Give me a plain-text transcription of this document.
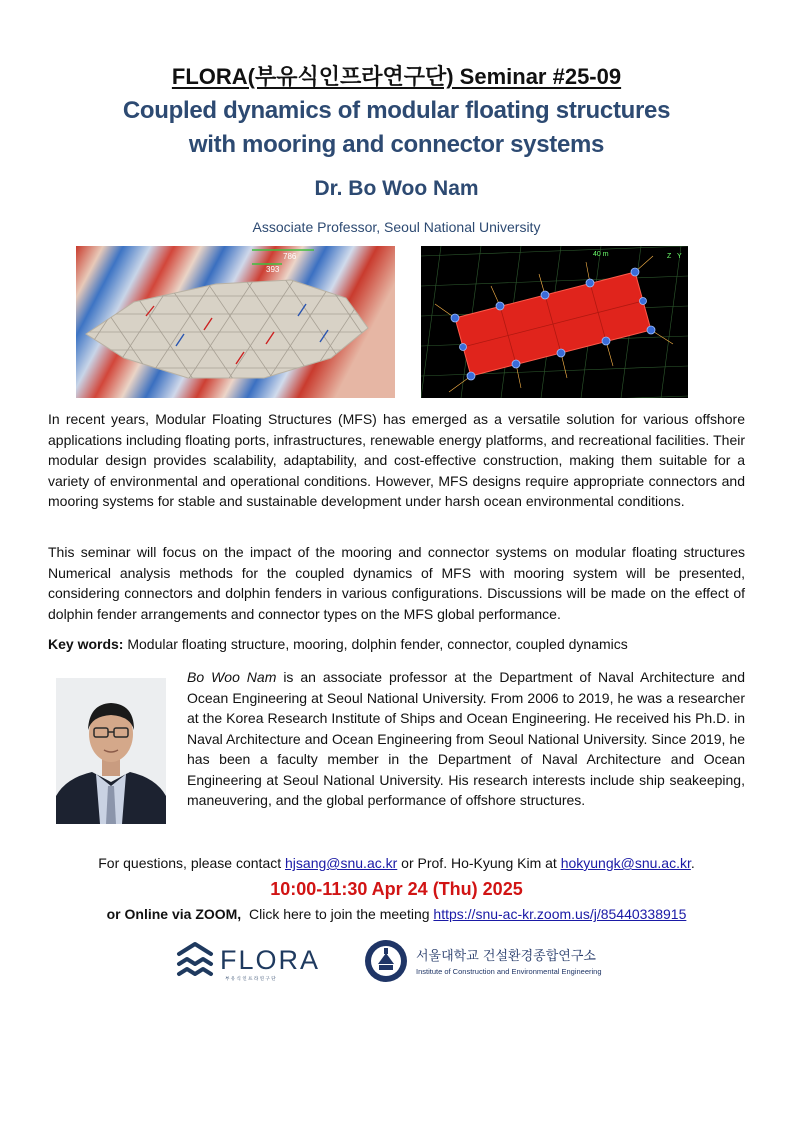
FLORA(부유식인프라연구단) Seminar #25-09
Coupled dynamics of modular floating structures
with mooring and connector systems
Dr. Bo Woo Nam
Associate Professor, Seoul National University
786
393
40 m	Z Y
In recent years, Modular Floating Structures (MFS) has emerged as a versatile solution for various offshore applications including floating ports, infrastructures, renewable energy platforms, and recreational facilities. Their modular design provides scalability, adaptability, and cost-effective construction, making them suitable for a variety of environmental and operational conditions. However, MFS designs require appropriate connectors and mooring systems for stable and sustainable development under harsh ocean environmental conditions.
This seminar will focus on the impact of the mooring and connector systems on modular floating structures Numerical analysis methods for the coupled dynamics of MFS with mooring system will be presented, considering connectors and dolphin fenders in various configurations. Discussions will be made on the effect of dolphin fender arrangements and connector types on the MFS global performance.
Key words: Modular floating structure, mooring, dolphin fender, connector, coupled dynamics
Bo Woo Nam is an associate professor at the Department of Naval Architecture and Ocean Engineering at Seoul National University. From 2006 to 2019, he was a researcher at the Korea Research Institute of Ships and Ocean Engineering. He received his Ph.D. in Naval Architecture and Ocean Engineering from Seoul National University. Since 2019, he has been a faculty member in the Department of Naval Architecture and Ocean Engineering at Seoul National University. His research interests include ship seakeeping, maneuvering, and the global performance of offshore structures.
For questions, please contact hjsang@snu.ac.kr or Prof. Ho-Kyung Kim at hokyungk@snu.ac.kr.
10:00-11:30 Apr 24 (Thu) 2025
or Online via ZOOM,  Click here to join the meeting https://snu-ac-kr.zoom.us/j/85440338915
FLORA
부 유 식 인 프 라 연 구 단
서울대학교 건설환경종합연구소
Institute of Construction and Environmental Engineering
